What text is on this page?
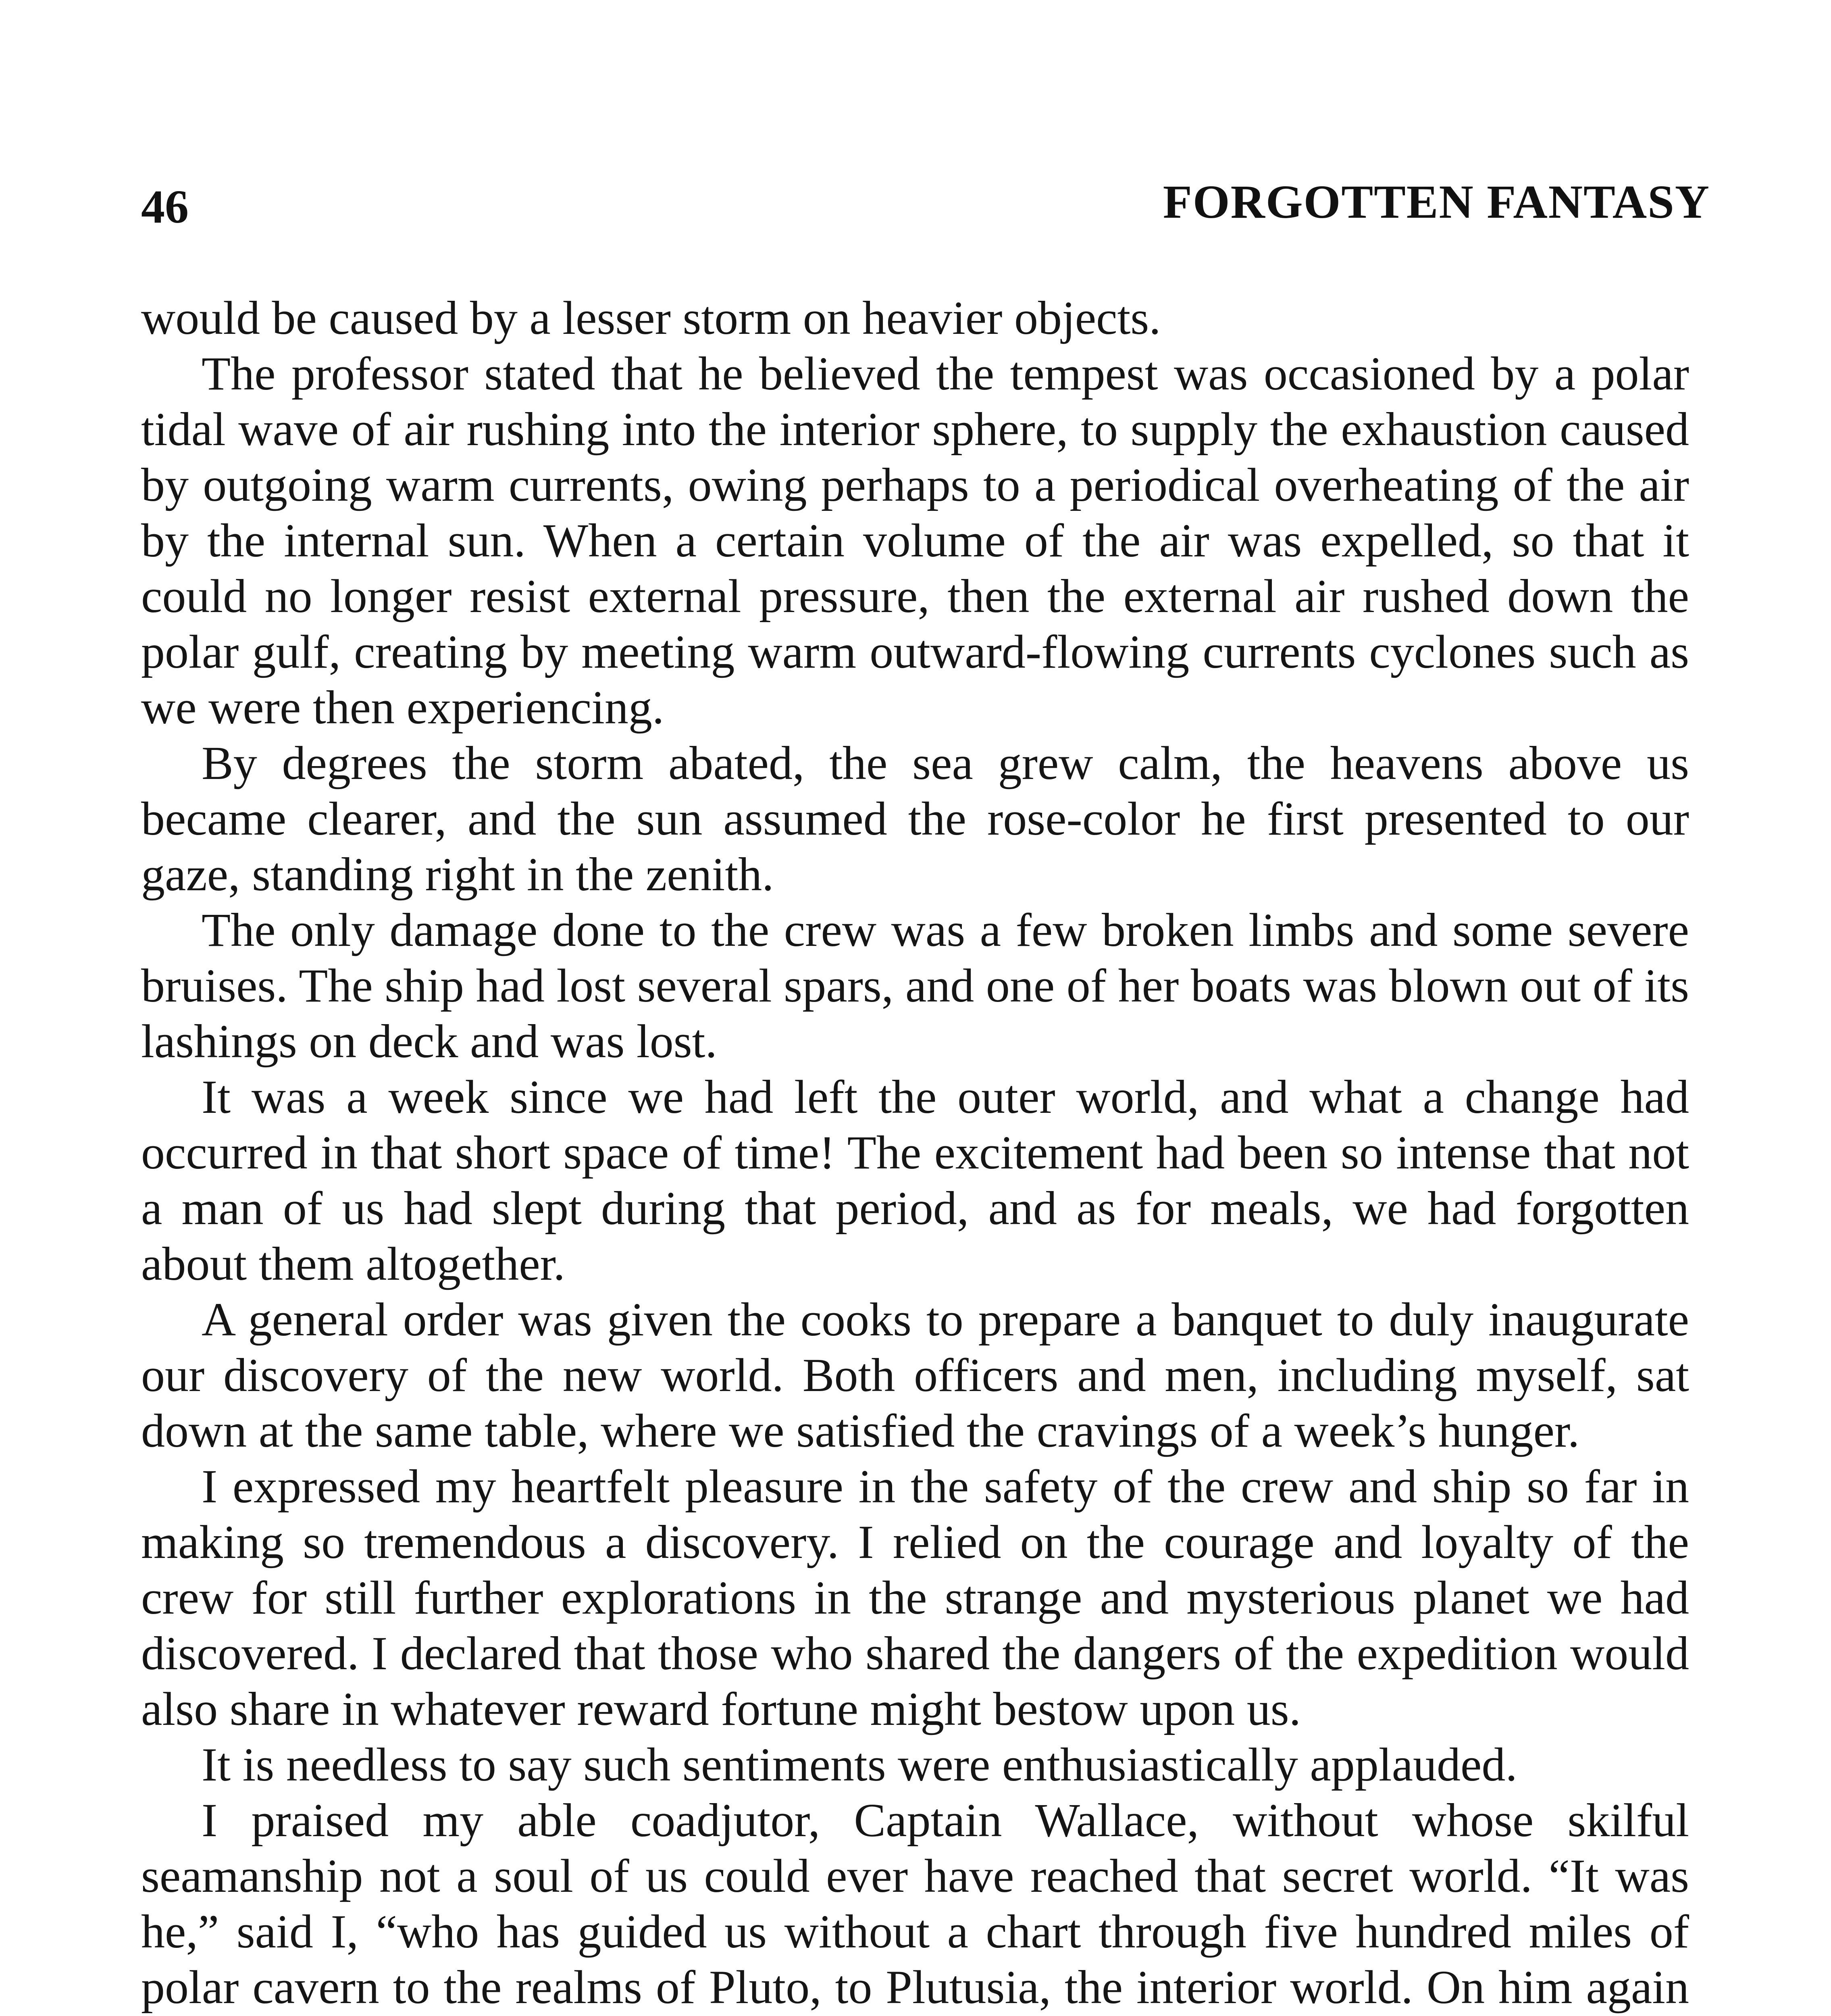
46	FORGOTTEN FANTASY

would be caused by a lesser storm on heavier objects.

The professor stated that he believed the tempest was occasioned by a polar tidal wave of air rushing into the interior sphere, to supply the exhaustion caused by outgoing warm currents, owing perhaps to a periodical overheating of the air by the internal sun. When a certain volume of the air was expelled, so that it could no longer resist external pressure, then the external air rushed down the polar gulf, creating by meeting warm outward-flowing currents cyclones such as we were then experiencing.

By degrees the storm abated, the sea grew calm, the heavens above us became clearer, and the sun assumed the rose-color he first presented to our gaze, standing right in the zenith.

The only damage done to the crew was a few broken limbs and some severe bruises. The ship had lost several spars, and one of her boats was blown out of its lashings on deck and was lost.

It was a week since we had left the outer world, and what a change had occurred in that short space of time! The excitement had been so intense that not a man of us had slept during that period, and as for meals, we had forgotten about them altogether.

A general order was given the cooks to prepare a banquet to duly inaugurate our discovery of the new world. Both officers and men, including myself, sat down at the same table, where we satisfied the cravings of a week’s hunger.

I expressed my heartfelt pleasure in the safety of the crew and ship so far in making so tremendous a discovery. I relied on the courage and loyalty of the crew for still further explorations in the strange and mysterious planet we had discovered. I declared that those who shared the dangers of the expedition would also share in whatever reward fortune might bestow upon us.

It is needless to say such sentiments were enthusiastically applauded.

I praised my able coadjutor, Captain Wallace, without whose skilful seamanship not a soul of us could ever have reached that secret world. “It was he,” said I, “who has guided us without a chart through five hundred miles of polar cavern to the realms of Pluto, to Plutusia, the interior world. On him again
